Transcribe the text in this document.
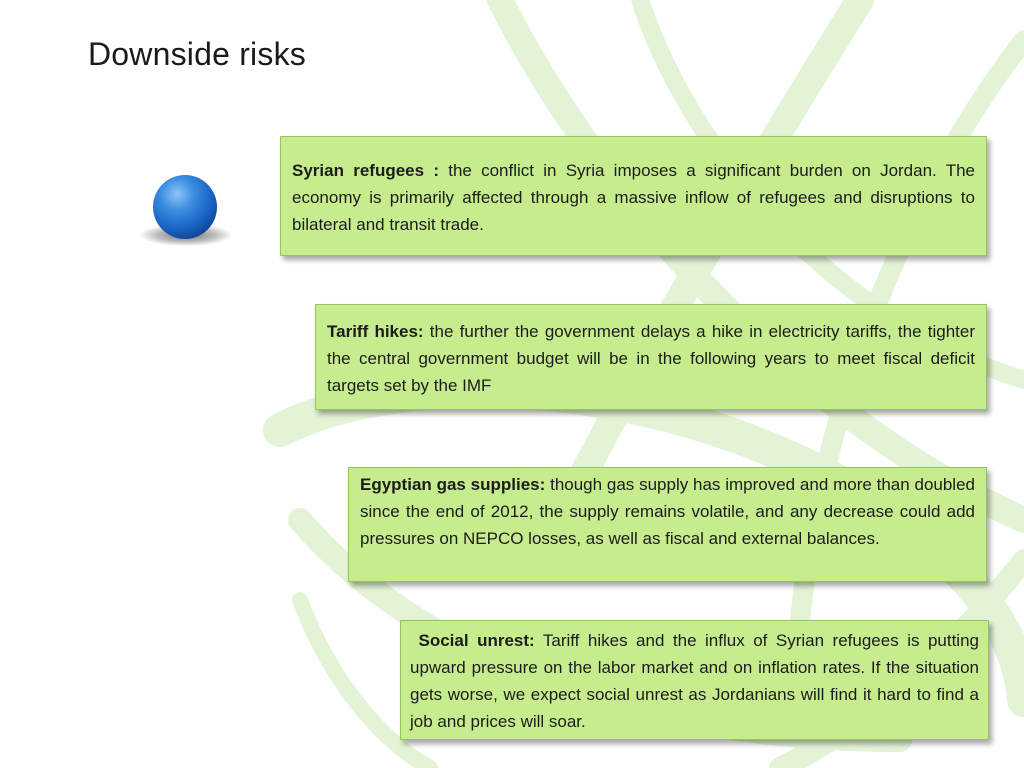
Downside risks
Syrian refugees : the conflict in Syria imposes a significant burden on Jordan. The economy is primarily affected through a massive inflow of refugees and disruptions to bilateral and transit trade.
Tariff hikes: the further the government delays a hike in electricity tariffs, the tighter the central government budget will be in the following years to meet fiscal deficit targets set by the IMF
Egyptian gas supplies: though gas supply has improved and more than doubled since the end of 2012, the supply remains volatile, and any decrease could add pressures on NEPCO losses, as well as fiscal and external balances.
Social unrest: Tariff hikes and the influx of Syrian refugees is putting upward pressure on the labor market and on inflation rates. If the situation gets worse, we expect social unrest as Jordanians will find it hard to find a job and prices will soar.
